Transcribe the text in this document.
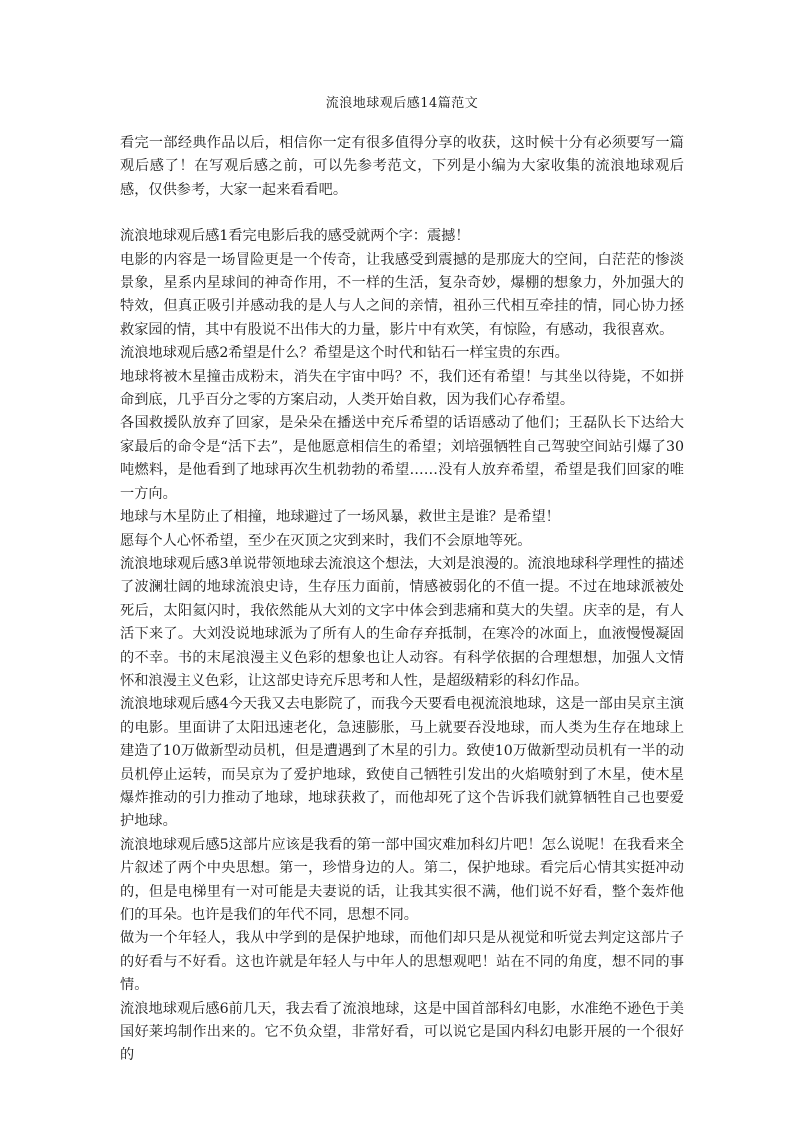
流浪地球观后感14篇范文

看完一部经典作品以后，相信你一定有很多值得分享的收获，这时候十分有必须要写一篇观后感了！在写观后感之前，可以先参考范文，下列是小编为大家收集的流浪地球观后感，仅供参考，大家一起来看看吧。

流浪地球观后感1看完电影后我的感受就两个字：震撼！

电影的内容是一场冒险更是一个传奇，让我感受到震撼的是那庞大的空间，白茫茫的惨淡景象，星系内星球间的神奇作用，不一样的生活，复杂奇妙，爆棚的想象力，外加强大的特效，但真正吸引并感动我的是人与人之间的亲情，祖孙三代相互牵挂的情，同心协力拯救家园的情，其中有股说不出伟大的力量，影片中有欢笑，有惊险，有感动，我很喜欢。

流浪地球观后感2希望是什么？希望是这个时代和钻石一样宝贵的东西。

地球将被木星撞击成粉末，消失在宇宙中吗？不，我们还有希望！与其坐以待毙，不如拼命到底，几乎百分之零的方案启动，人类开始自救，因为我们心存希望。

各国救援队放弃了回家，是朵朵在播送中充斥希望的话语感动了他们；王磊队长下达给大家最后的命令是“活下去”，是他愿意相信生的希望；刘培强牺牲自己驾驶空间站引爆了30吨燃料，是他看到了地球再次生机勃勃的希望……没有人放弃希望，希望是我们回家的唯一方向。

地球与木星防止了相撞，地球避过了一场风暴，救世主是谁？是希望！

愿每个人心怀希望，至少在灭顶之灾到来时，我们不会原地等死。

流浪地球观后感3单说带领地球去流浪这个想法，大刘是浪漫的。流浪地球科学理性的描述了波澜壮阔的地球流浪史诗，生存压力面前，情感被弱化的不值一提。不过在地球派被处死后，太阳氦闪时，我依然能从大刘的文字中体会到悲痛和莫大的失望。庆幸的是，有人活下来了。大刘没说地球派为了所有人的生命存弃抵制，在寒冷的冰面上，血液慢慢凝固的不幸。书的末尾浪漫主义色彩的想象也让人动容。有科学依据的合理想想，加强人文情怀和浪漫主义色彩，让这部史诗充斥思考和人性，是超级精彩的科幻作品。

流浪地球观后感4今天我又去电影院了，而我今天要看电视流浪地球，这是一部由吴京主演的电影。里面讲了太阳迅速老化，急速膨胀，马上就要吞没地球，而人类为生存在地球上建造了10万做新型动员机，但是遭遇到了木星的引力。致使10万做新型动员机有一半的动员机停止运转，而吴京为了爱护地球，致使自己牺牲引发出的火焰喷射到了木星，使木星爆炸推动的引力推动了地球，地球获救了，而他却死了这个告诉我们就算牺牲自己也要爱护地球。

流浪地球观后感5这部片应该是我看的第一部中国灾难加科幻片吧！怎么说呢！在我看来全片叙述了两个中央思想。第一，珍惜身边的人。第二，保护地球。看完后心情其实挺冲动的，但是电梯里有一对可能是夫妻说的话，让我其实很不满，他们说不好看，整个轰炸他们的耳朵。也许是我们的年代不同，思想不同。

做为一个年轻人，我从中学到的是保护地球，而他们却只是从视觉和听觉去判定这部片子的好看与不好看。这也许就是年轻人与中年人的思想观吧！站在不同的角度，想不同的事情。

流浪地球观后感6前几天，我去看了流浪地球，这是中国首部科幻电影，水准绝不逊色于美国好莱坞制作出来的。它不负众望，非常好看，可以说它是国内科幻电影开展的一个很好的
